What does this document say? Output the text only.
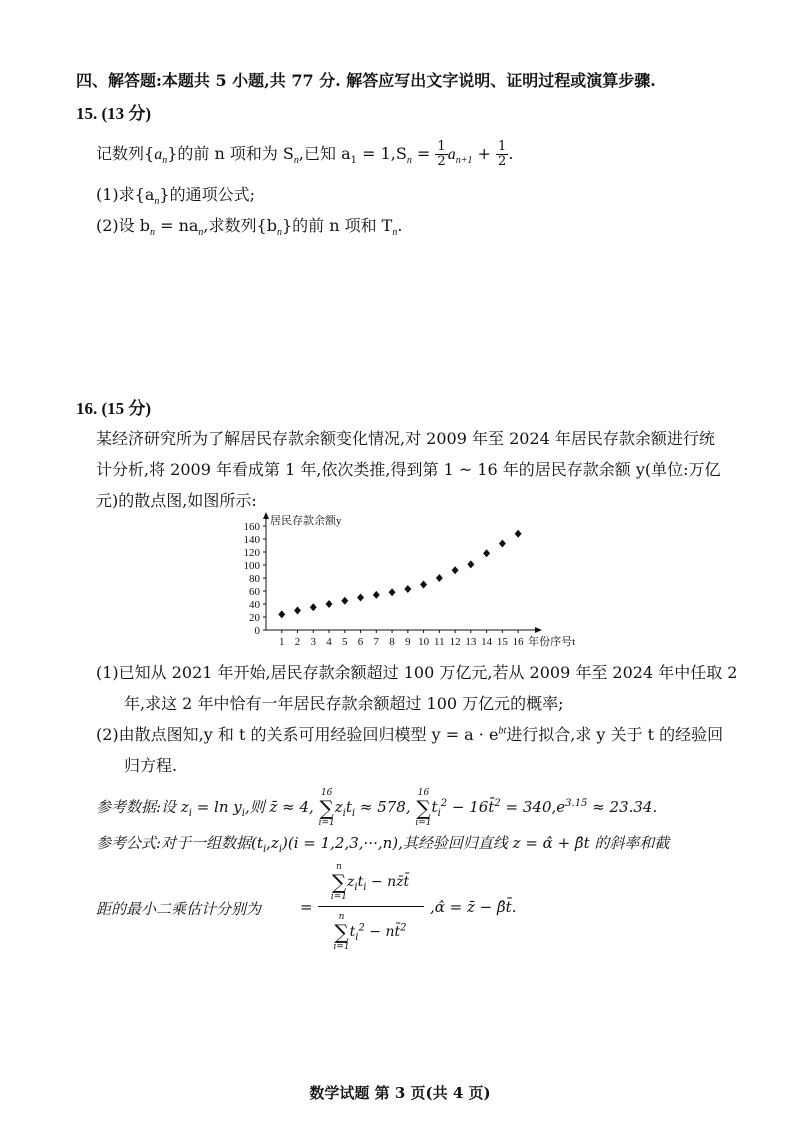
四、解答题:本题共 5 小题,共 77 分. 解答应写出文字说明、证明过程或演算步骤.
15. (13 分)
记数列$\{a_n\}$的前 n 项和为 $S_n$,已知 $a_1 = 1,S_n = \frac{1}{2} a_{n+1} + \frac{1}{2}$ .
(1)求$\{a_n\}$的通项公式;
(2)设 $b_n = na_n$,求数列$\{b_n\}$的前 n 项和 $T_n$.
16. (15 分)
某经济研究所为了解居民存款余额变化情况,对 2009 年至 2024 年居民存款余额进行统
计分析,将 2009 年看成第 1 年,依次类推,得到第 1 ~ 16 年的居民存款余额 y(单位:万亿
元)的散点图,如图所示:
0
20
40
60
80
100
120
140
160
1 2 3 4 5 6 7 8 9 10 11 12 13 14 15 16
居民存款余额y
年份序号t
(1)已知从 2021 年开始,居民存款余额超过 100 万亿元,若从 2009 年至 2024 年中任取 2
年,求这 2 年中恰有一年居民存款余额超过 100 万亿元的概率;
(2)由散点图知,y 和 t 的关系可用经验回归模型 $y = a \cdot e^{bt}$进行拟合,求 y 关于 t 的经验回
归方程.
参考数据:设 $z_i = \ln y_i$,则 z̄ ≈ 4,
16
∑
i=1
$z_it_i \approx 578$,
16
∑
i=1
$t_i^2$ − 16t̄$^2$ = $340,e^{3.15} \approx 23.34$.
参考公式:对于一组数据$(t_i,z_i)(i = 1,2,3,\cdot\cdot\cdot,n)$,其经验回归直线 z = α̂ + β̂t 的斜率和截
距的最小二乘估计分别为	=
n
∑
i=1
$z_it_i$ − nz̄t̄
n
∑
i=1
$t_i^2$ − nt̄$^2$
,α̂ = z̄ − β̂t̄.
数学试题 第 3 页(共 4 页)
